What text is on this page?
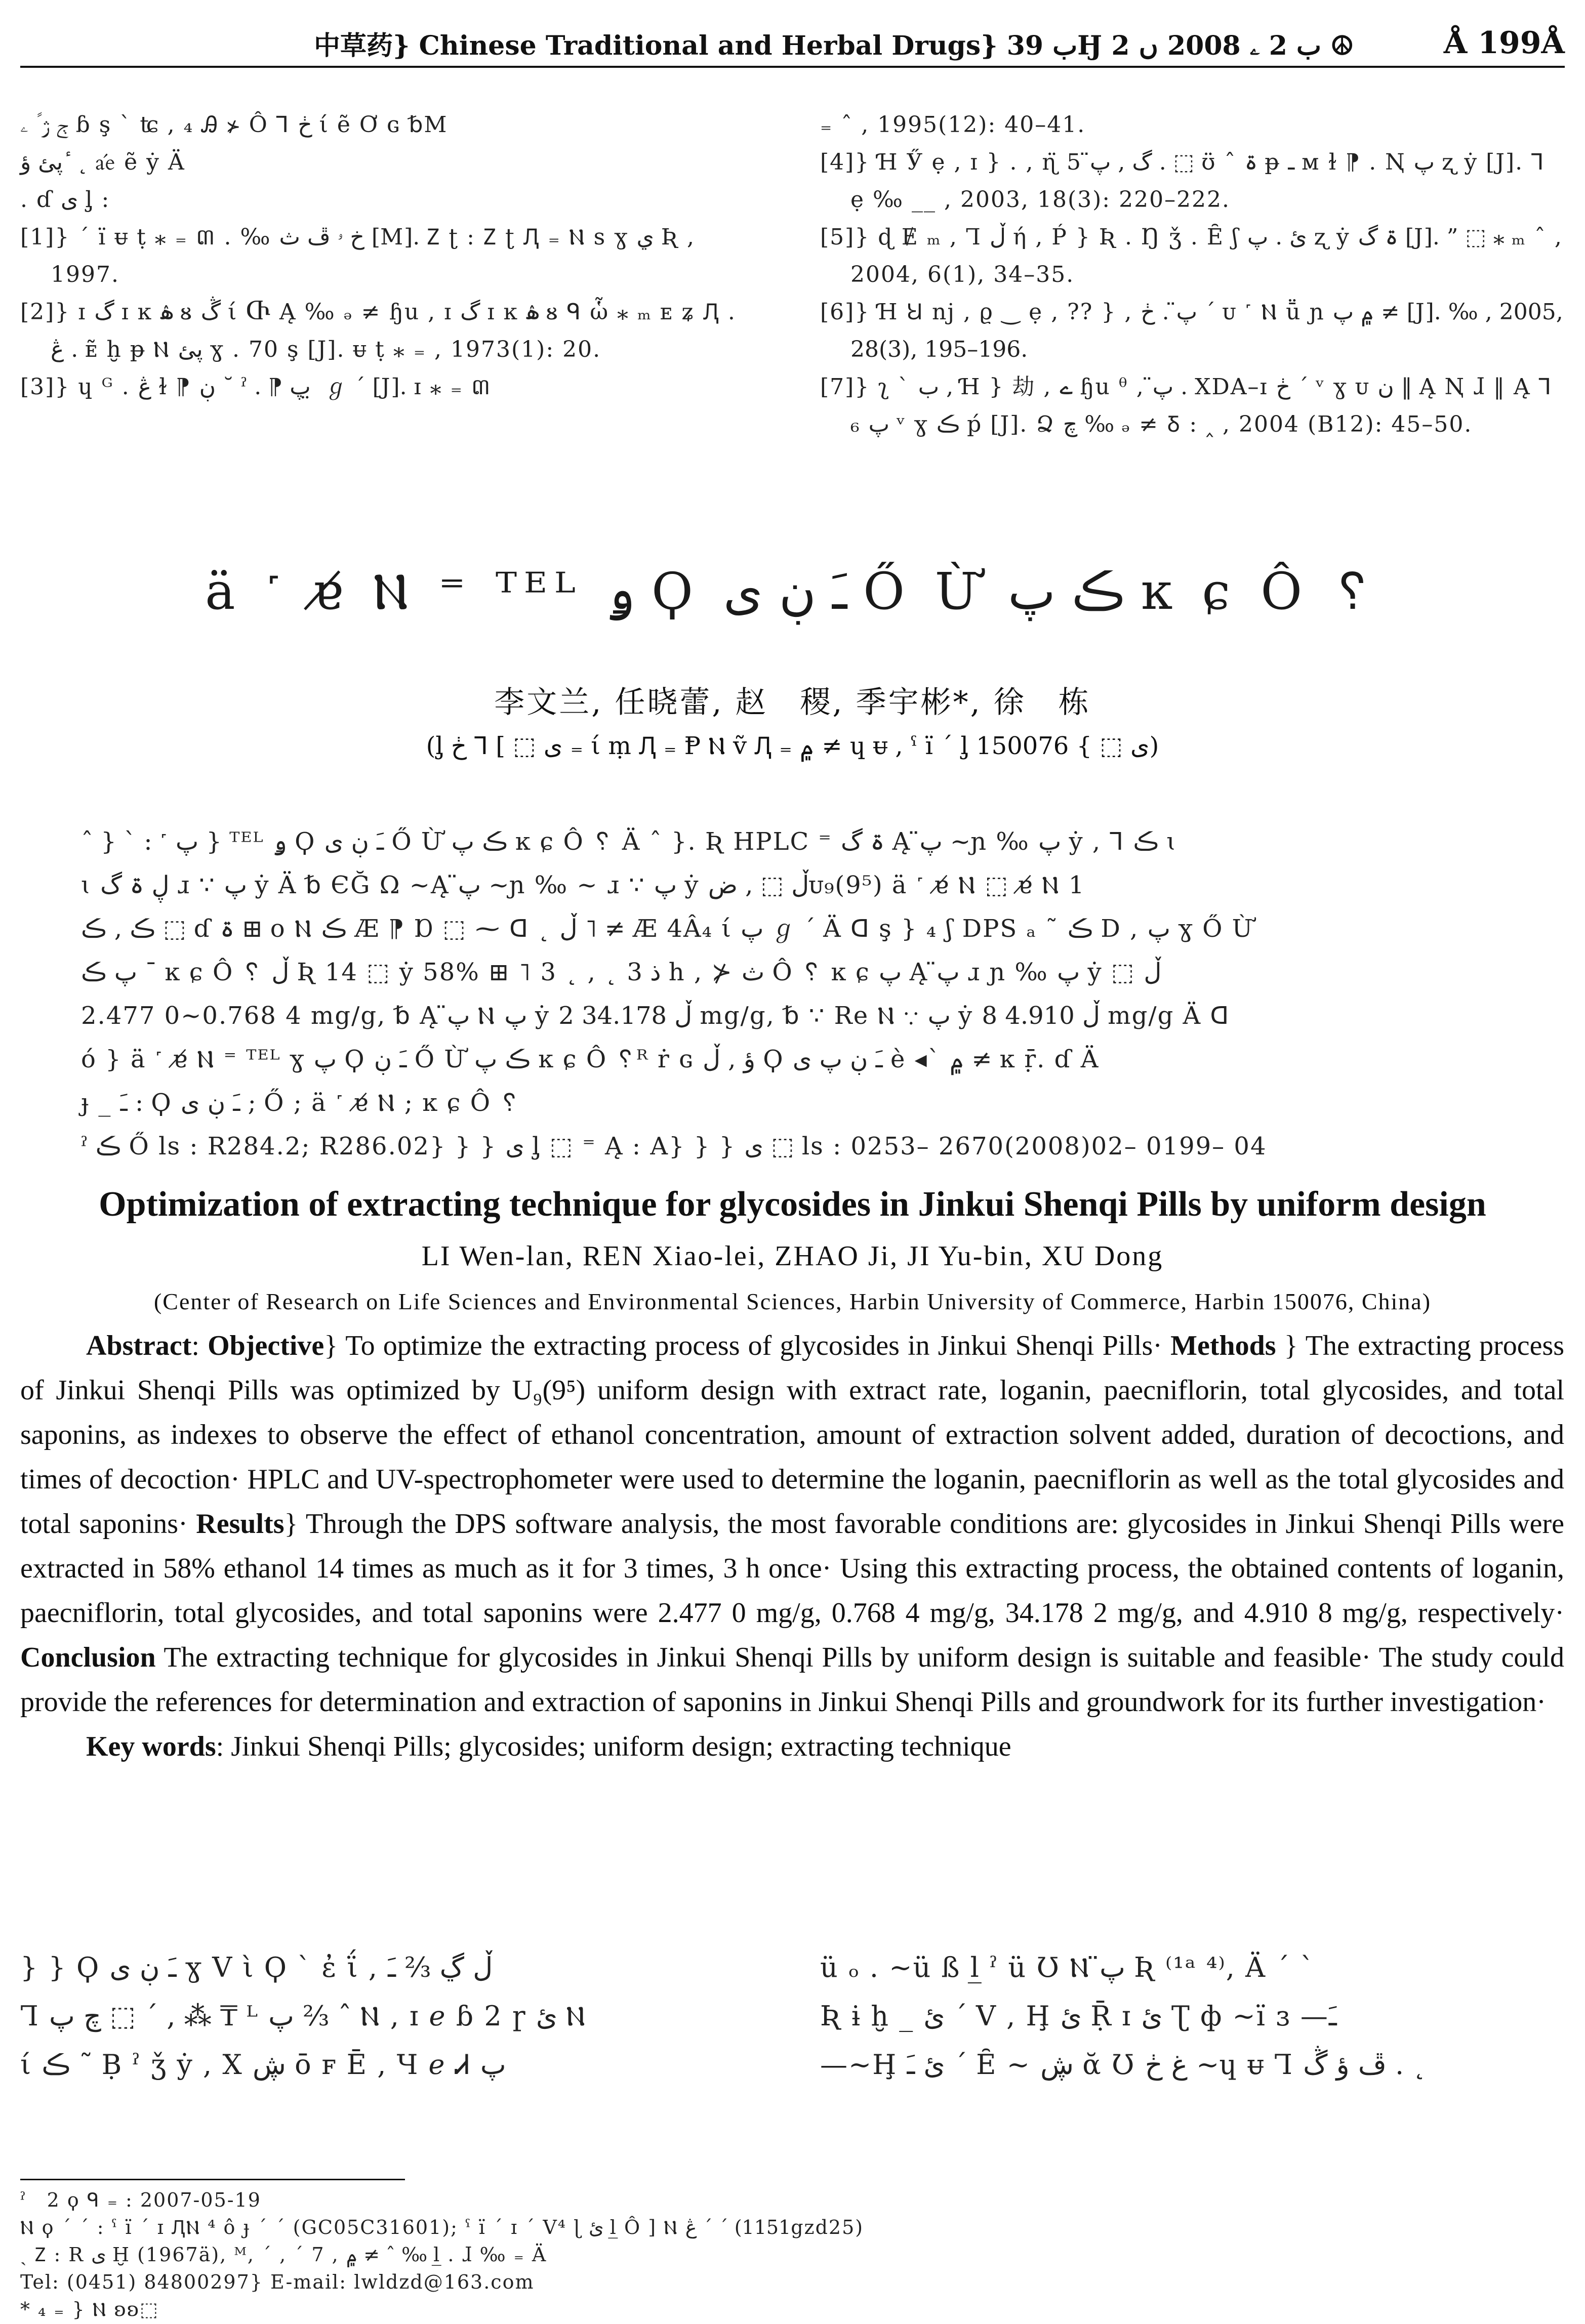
中草药} Chinese Traditional and Herbal Drugs} ب 39Ӈ ب 2 ۦ 2008 ں 2 ☮	Å 199Å

ڄ ژ ً ۦ ɓ ş ˋ ʨ , ₄ Ꭿ ⊁ Ô ⅂ ڂ ί ẽ Ơ ɢ ␢M

پئ ؤ ٔ ˛ ﬐ ẽ ẏ Ä

. ɗ ى ᶅ :

[1]} ˊ ї ᵾ ṭ ⁎ ₌ ៣ . ‰ خ ۥ ڦ ﺙ [M]. Ⴭ ʈ : Ⴭ ʈ Ԯ ₌ Ⲛ ѕ ɣ ي Ʀ , 1997.

[2]} ɪ گ ɪ ĸ ۿ ᴕ ڴ ί Ⴇ Ą ‰ ₔ ≠ ɧu , ɪ گ ɪ ĸ ۿ ᴕ ᑫ ὧ ⁎ ₘ ᴇ ʑ Ԯ . ڠ . ᴇ̃ ḫ ᵽ Ⲛ پئ ɣ . 70 ş [J]. ᵾ ṭ ⁎ ₌ , 1973(1): 20.

[3]} ɥ ᴳ . ڠ ɫ ⁋ ڹ ˘ ˀ . ⁋ پ ̤ ℊ ˊ [J]. ɪ ⁎ ₌ ៣

₌ ˆ , 1995(12): 40–41.

[4]} Ɦ Ӳ ẹ , ɪ } . , ɳ̈ 5 گ , پ̈ . ⬚ ʊ̈ ˆ ۃ ᵽ ـ ᴍ ɫ ⁋ . Ꞑ پ ʐ ẏ [J]. ⅂ ẹ ‰ __ , 2003, 18(3): 220–222.

[5]} ɖ Ɇ ₘ , Ꞁ ڵ ή , Ṕ } Ʀ . Ŋ ǯ . Ȇ ʃ ئ . پ ʐ ẏ ۃ گ [J]. ” ⬚ ⁎ ₘ ˆ , 2004, 6(1), 34–35.

[6]} Ɦ Ꞟ nj , ϱ ‿ ẹ , ?? } , پ̈ . ڂ ˊ ᴜ ˹ Ⲛ ṻ ɲ ۾ پ ≠ [J]. ‰ , 2005, 28(3), 195–196.

[7]} ʅ ˋ ب , Ɦ } 劫 , ے ɧu ᶿ , پ̈ . XDA–ɪ ڂ ˊ ᵛ ɣ ᴜ ن ‖ Ą Ꞑ ɺ ‖ Ą ⅂ ₆ پ ᵛ ɣ ڪ ṕ [J]. Ձ چ ‰ ₔ ≠ Ᵹ : ‸ , 2004 (B12): 45–50.

ä ˹ ɐ̸ Ⲛ ⁼ ᵀᴱᴸ ۅ Ϙ ﹷ ڹ ى Ő Ừ ڪ پ ĸ ɕ Ô ␦
李文兰, 任晓蕾, 赵　稷, 季宇彬*, 徐　栋
(ᶅ ى ⬚ ] ⅂ ڂ ₌ ί ṃ Ԯ ₌ Ᵽ Ⲛ ṽ Ԯ ₌ ۾ ≠ ɥ ᵾ , ˁ ї ˊ ᶅ ى ⬚ } 150076)

ˆ } ˋ : ˹ پ } ᵀᴱᴸ ۅ Ϙ ﹷ ڹ ى Ő Ừ ڪ پ ĸ ɕ Ô ␦ Ä ˆ }. Ʀ HPLC ⁼ ۃ گ Ą پ̈ ~ɲ ‰ پ ẏ , ⅂ ڪ ɩ

ɩ ڸ ۃ گ ɹ ∵ پ ẏ Ä ␢ ЄĞ Ω ~Ą پ̈ ~ɲ ‰ ~ ɹ ∵ پ ẏ ڵ ⬚ , ضᴜ₉(9⁵) ä ˹ ɐ̸ Ⲛ ⬚ ɐ̸ Ⲛ 1

ڪ , ڪ ⬚ ɗ ۃ ⊞ ᴏ Ⲛ ڪ Æ ⁋ Ɒ ⬚ ⁓ ᗡ ˛ ڵ ˥ ≠ Æ 4Â₄ ί پ ℊ ˊ Ä ᗡ ş } ₄ ʃ DPS ₐ ˜ ڪ D , پ ɣ Ő Ừ

پ ڪ ¯ ĸ ɕ Ô ␦ ڵ Ʀ 14 ⬚ ẏ 58% ⊞ ˥ 3 ˛ , ˛ ذ 3 h , ⊁ ث Ô ␦ ĸ ɕ پ Ą پ̈ ɹ ɲ ‰ پ ẏ ⬚ ڵ

2.477 0~0.768 4 mg/g, ␢ Ą پ̈ Ⲛ پ ẏ ڵ 34.178 2 mg/g, ␢ ∵ Rе Ⲛ ∵ پ ẏ ڵ 4.910 8 mg/g Ä ᗡ

ó } ä ˹ ɐ̸ Ⲛ ⁼ ᵀᴱᴸ ɣ پ Ϙ ﹷ ڹ Ő Ừ ڪ پ ĸ ɕ Ô ␦ᴿ ṙ ɢ ؤ , ڵ Ϙ ﹷ ڹ پ ى ѐ ◂ˋ ۾ ≠ ĸ ṝ. ɗ Ä

ɟ _ ﹷ : Ϙ ﹷ ڹ ى ; Ő ; ä ˹ ɐ̸ Ⲛ ; ĸ ɕ Ô ␦

ˀ ڪ Ő ls : R284.2; R286.02} } } ى ᶅ ⬚ ⁼ Ą : A} } } ى ⬚ ls : 0253– 2670(2008)02– 0199– 04

Optimization of extracting technique for glycosides in Jinkui Shenqi Pills by uniform design
LI Wen-lan, REN Xiao-lei, ZHAO Ji, JI Yu-bin, XU Dong
(Center of Research on Life Sciences and Environmental Sciences, Harbin University of Commerce, Harbin 150076, China)

Abstract: Objective} To optimize the extracting process of glycosides in Jinkui Shenqi Pills· Methods } The extracting process of Jinkui Shenqi Pills was optimized by U₉(9⁵) uniform design with extract rate, loganin, paecniflorin, total glycosides, and total saponins, as indexes to observe the effect of ethanol concentration, amount of extraction solvent added, duration of decoctions, and times of decoction· HPLC and UV-spectrophometer were used to determine the loganin, paecniflorin as well as the total glycosides and total saponins· Results} Through the DPS software analysis, the most favorable conditions are: glycosides in Jinkui Shenqi Pills were extracted in 58% ethanol 14 times as much as it for 3 times, 3 h once· Using this extracting process, the obtained contents of loganin, paecniflorin, total glycosides, and total saponins were 2.477 0 mg/g, 0.768 4 mg/g, 34.178 2 mg/g, and 4.910 8 mg/g, respectively· Conclusion The extracting technique for glycosides in Jinkui Shenqi Pills by uniform design is suitable and feasible· The study could provide the references for determination and extraction of saponins in Jinkui Shenqi Pills and groundwork for its further investigation·

Key words: Jinkui Shenqi Pills; glycosides; uniform design; extracting technique

} } Ϙ ﹷ ڹ ى ɣ Ⅴ ὶ Ϙ ˋ ἐ ΐ , ڵ ڲ ⅔ ﹷ

Ꞁ چ پ ⬚ ˊ , ⁂ ₸ ᴸ پ ⅔ ˆ Ⲛ , ɪ ℯ ɓ 2 ɼ ئ Ⲛ

ί ڪ ˜ Ḅ ˀ ǯ ẏ , Ⅹ ڜ ō ꜰ Ē , Ɥ ℯ Ꮧ پ

ü ₒ . ~ü ß l̲ ˀ ü Ʊ Ⲛ پ̈ Ʀ ⁽¹ᵃ ⁴⁾, Ä ˊ ˋ

Ʀ ɨ ḫ _ ئ ˊ Ⅴ , Ḩ ئ Ṝ ɪ ئ Ʈ ф ~ї ɜ —ﹷ

—~Ḩ ئ ﹷ ˊ Ȇ ~ ڜ ᾰ Ʊ غ ڂ ~ɥ ᵾ Ꞁ ڦ ؤ ڴ . ˛

ˀ　2 ϙ ᑫ ₌ : 2007-05-19

Ⲛ ϙ ˊ ˊ : ˁ ї ˊ ɪ ԮⲚ ⁴ ô ɟ ˊ ˊ (GC05C31601); ˁ ї ˊ ɪ ˊ Ⅴ⁴ ɭ ئ l̲ Ô ] Ⲛ ڠ ˊ ˊ (1151gzd25)

ˏ Ⴭ : R ى Ḫ (1967ä), ᴹ, ˊ , ˊ 7 , ۾ ≠ ˆ ‰ l̲ . ɺ ‰ ₌ Ä

Tel: (0451) 84800297} E-mail: lwldzd@163.com

* ₄ ₌ } Ⲛ ʚʚ⬚
